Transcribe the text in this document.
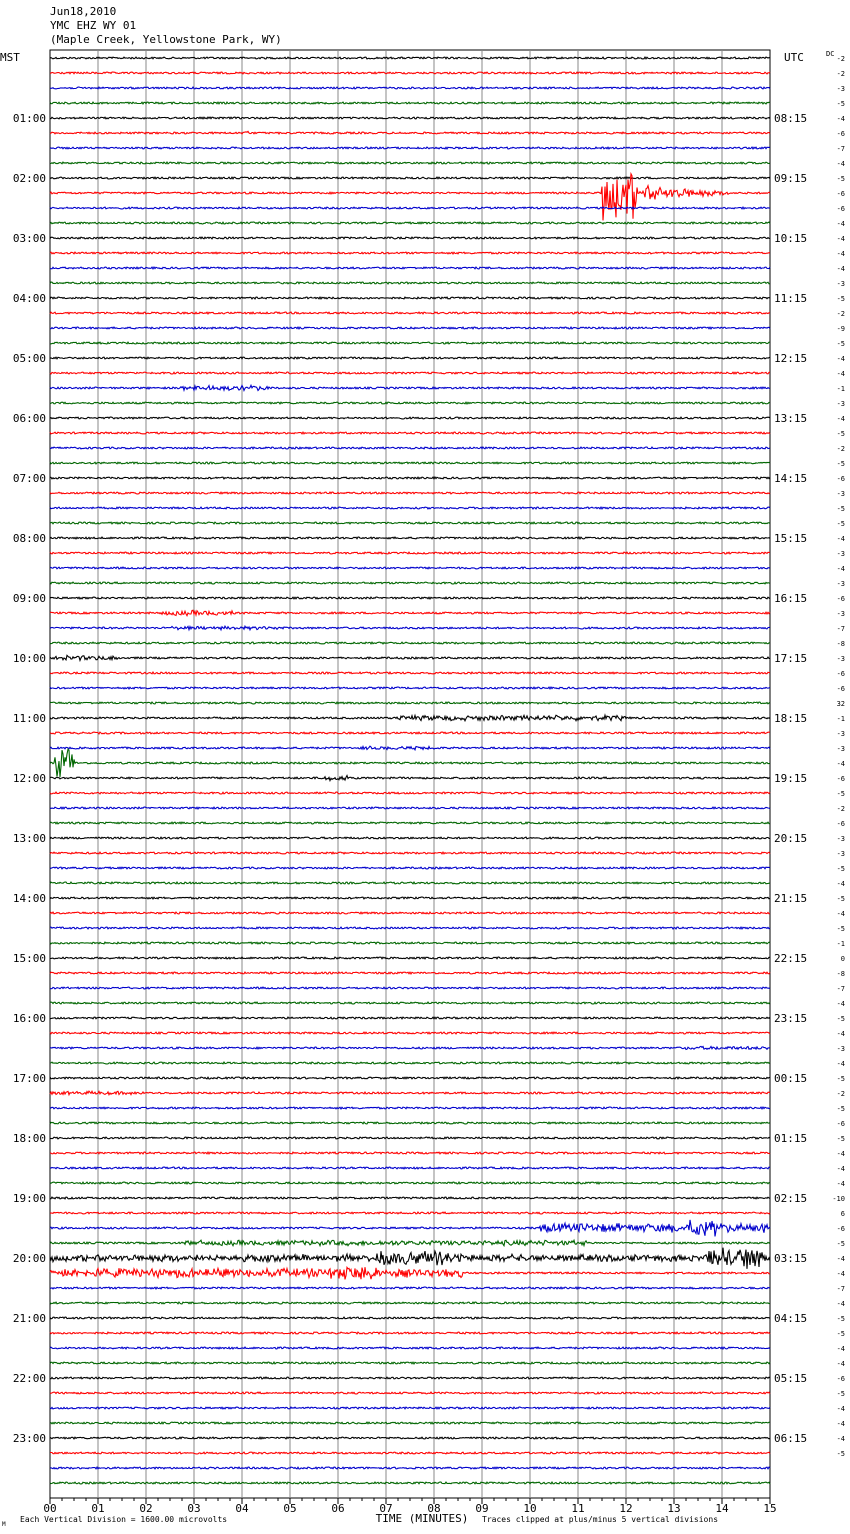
Jun18,2010
YMC EHZ WY 01
(Maple Creek, Yellowstone Park, WY)
MST	UTC	DC
01:00
02:00
03:00
04:00
05:00
06:00
07:00
08:00
09:00
10:00
11:00
12:00
13:00
14:00
15:00
16:00
17:00
18:00
19:00
20:00
21:00
22:00
23:00
08:15
09:15
10:15
11:15
12:15
13:15
14:15
15:15
16:15
17:15
18:15
19:15
20:15
21:15
22:15
23:15
00:15
01:15
02:15
03:15
04:15
05:15
06:15
-2
-2
-3
-5
-4
-6
-7
-4
-5
-6
-6
-4
-4
-4
-4
-3
-5
-2
-9
-5
-4
-4
-1
-3
-4
-5
-2
-5
-6
-3
-5
-5
-4
-3
-4
-3
-6
-3
-7
-8
-3
-6
-6
32
-1
-3
-3
-4
-6
-5
-2
-6
-3
-3
-5
-4
-5
-4
-5
-1
0
-8
-7
-4
-5
-4
-3
-4
-5
-2
-5
-6
-5
-4
-4
-4
-10
6
-6
-5
-4
-4
-7
-4
-5
-5
-4
-4
-6
-5
-4
-4
-4
-5
00	01	02	03	04	05	06	07	08	09	10	11	12	13	14	15
TIME (MINUTES)
Each Vertical Division = 1600.00 microvolts	Traces clipped at plus/minus 5 vertical divisions
M
